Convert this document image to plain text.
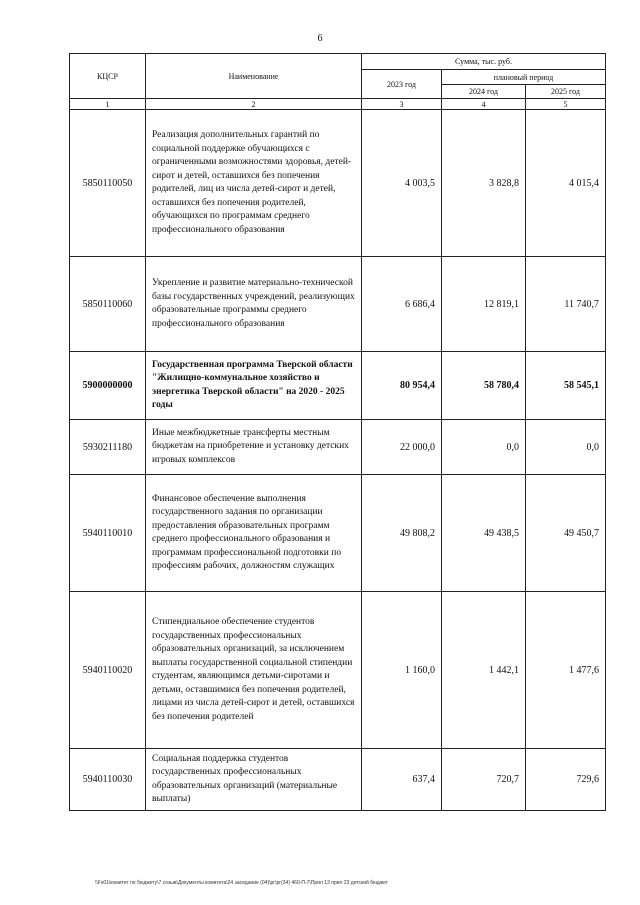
6
КЦСР	Наименование	Сумма, тыс. руб.		
		2023 год	плановый период	
			2024 год	2025 год
1	2	3	4	5
5850110050	Реализация дополнительных гарантий по социальной поддержке обучающихся с ограниченными возможностями здоровья, детей-сирот и детей, оставшихся без попечения родителей, лиц из числа детей-сирот и детей, оставшихся без попечения родителей, обучающихся по программам среднего профессионального образования	4 003,5	3 828,8	4 015,4
5850110060	Укрепление и развитие материально-технической базы государственных учреждений, реализующих образовательные программы среднего профессионального образования	6 686,4	12 819,1	11 740,7
5900000000	Государственная программа Тверской области "Жилищно-коммунальное хозяйство и энергетика Тверской области" на 2020 - 2025 годы	80 954,4	58 780,4	58 545,1
5930211180	Иные межбюджетные трансферты местным бюджетам на приобретение и установку детских игровых комплексов	22 000,0	0,0	0,0
5940110010	Финансовое обеспечение выполнения государственного задания по организации предоставления образовательных программ среднего профессионального образования и программам профессиональной подготовки по профессиям рабочих, должностям служащих	49 808,2	49 438,5	49 450,7
5940110020	Стипендиальное обеспечение студентов государственных профессиональных образовательных организаций, за исключением выплаты государственной социальной стипендии студентам, являющимся детьми-сиротами и детьми, оставшимися без попечения родителей, лицами из числа детей-сирот и детей, оставшихся без попечения родителей	1 160,0	1 442,1	1 477,6
5940110030	Социальная поддержка студентов государственных профессиональных образовательных организаций (материальные выплаты)	637,4	720,7	729,6
\\Fs01\комитет по бюджету\7 созыв\Документы комитета\24 заседание (04)\рг\рг(34) 460-П-7\Прил 13 прил 23 детский бюджет
